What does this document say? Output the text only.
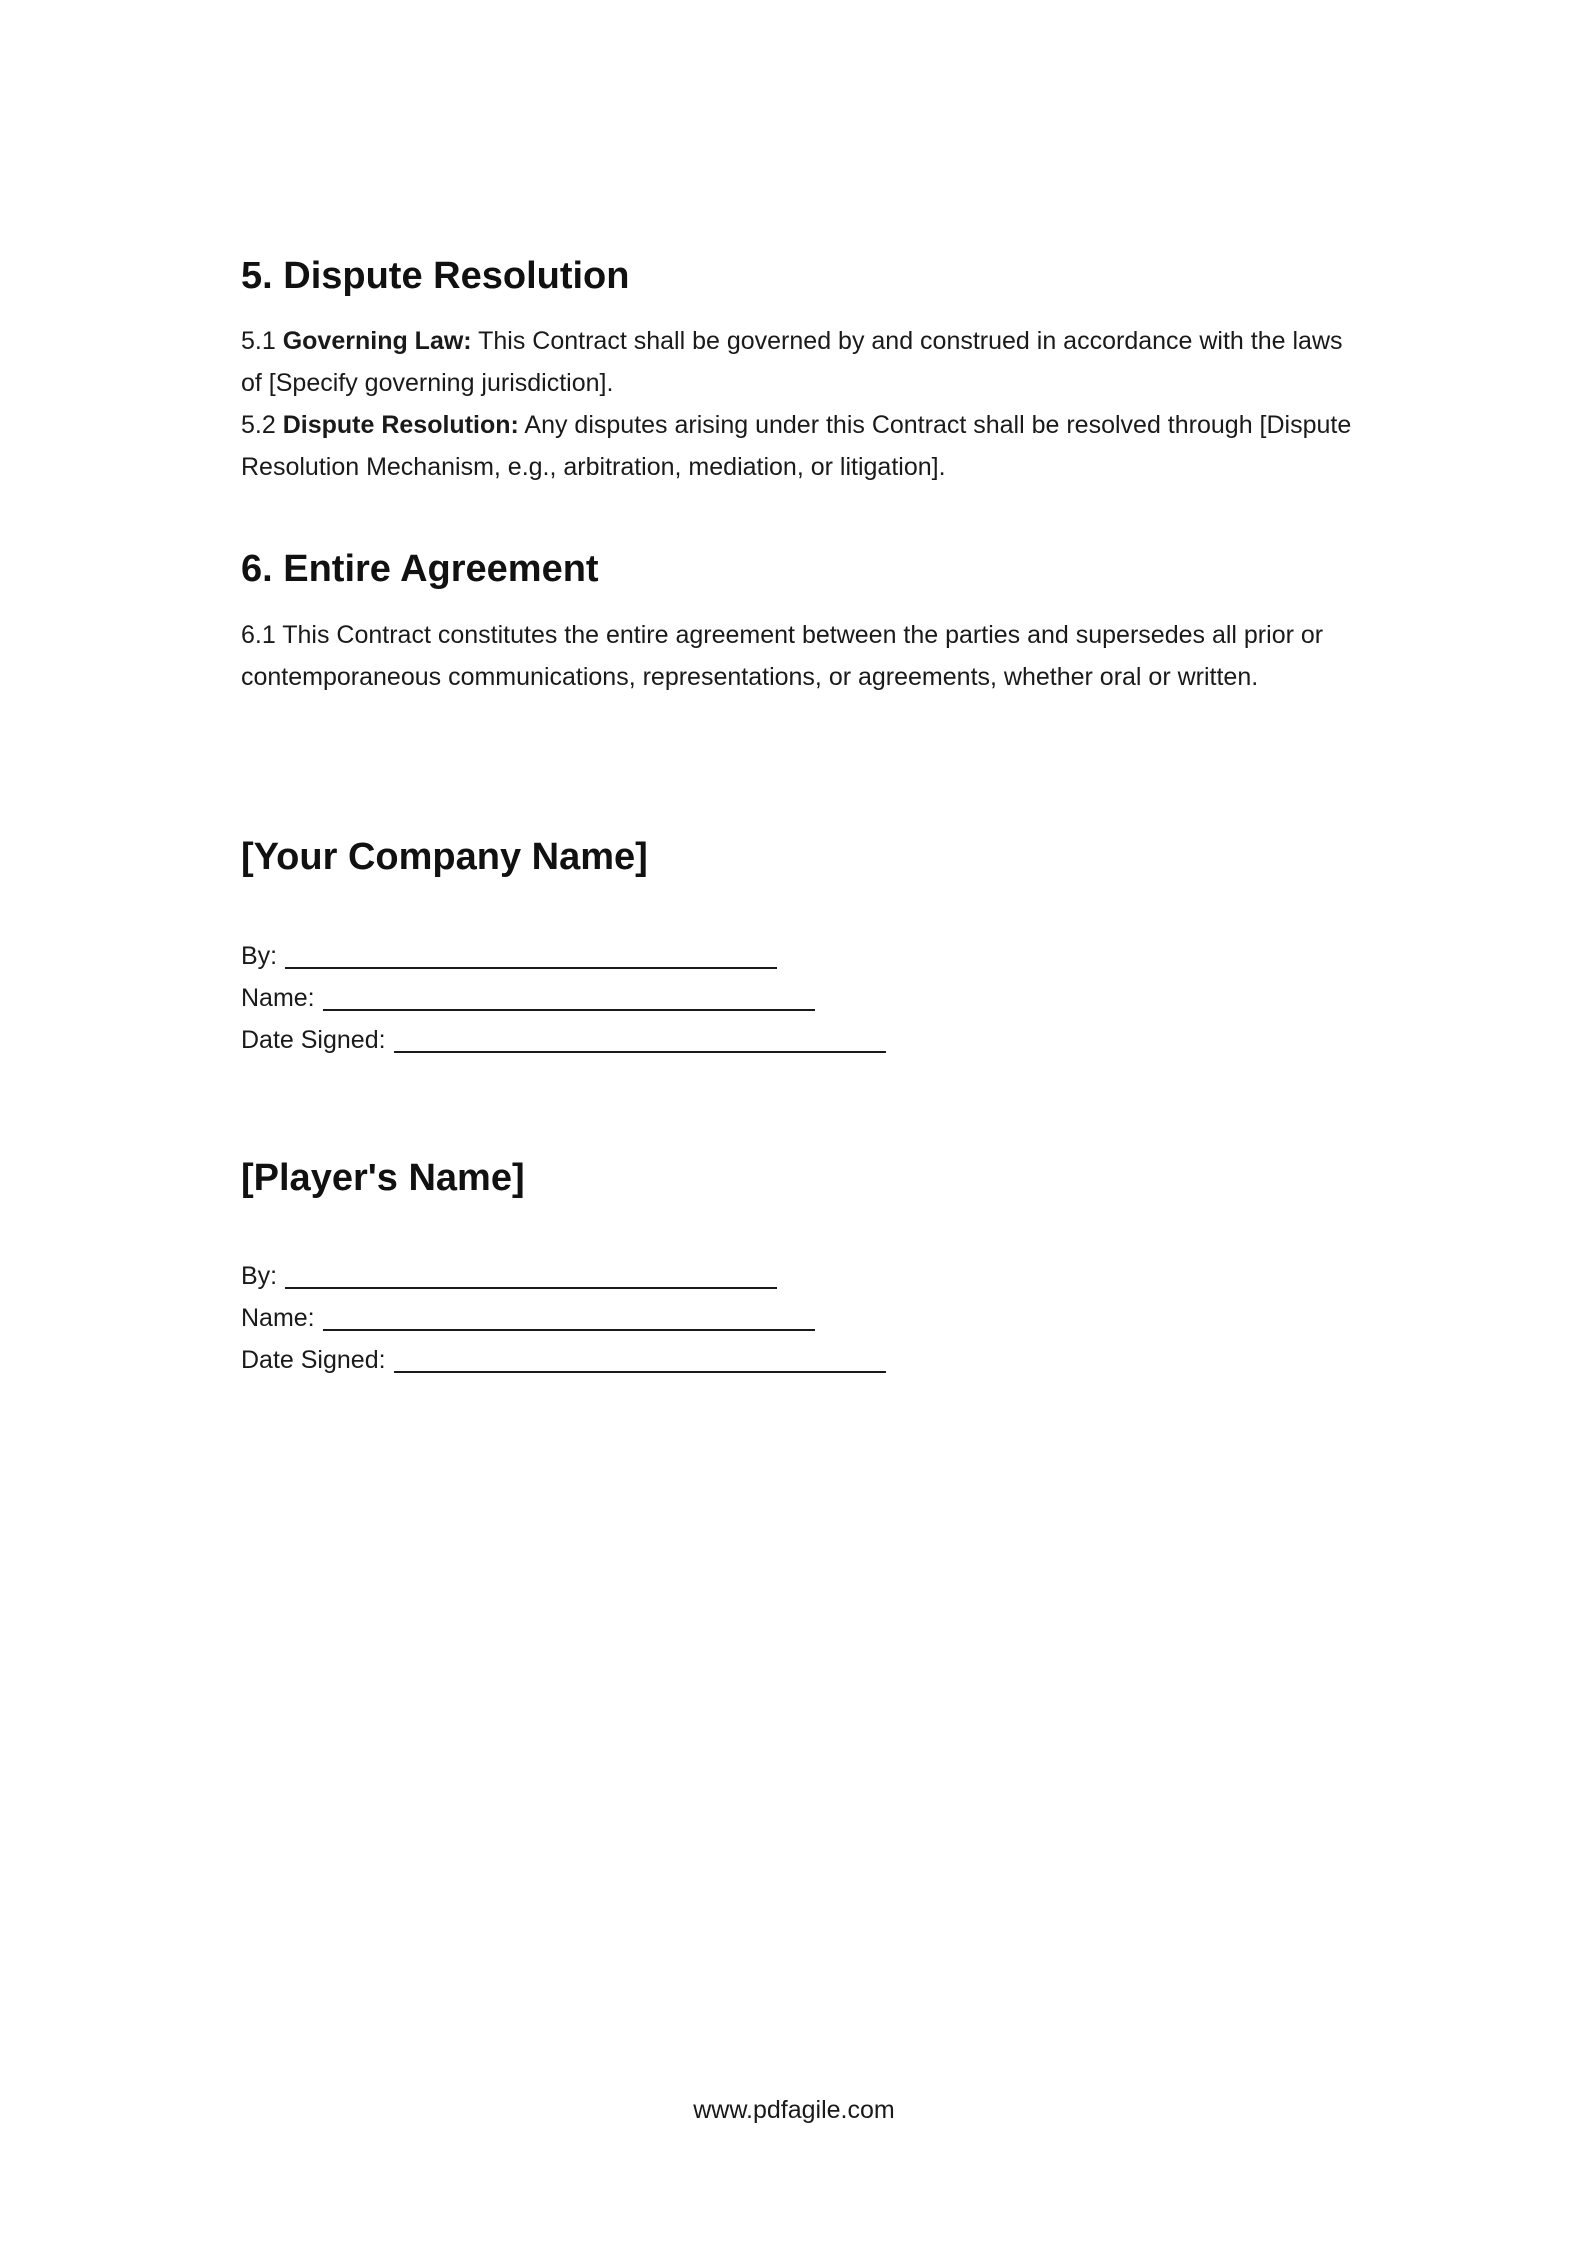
5. Dispute Resolution

5.1 Governing Law: This Contract shall be governed by and construed in accordance with the laws
of [Specify governing jurisdiction].

5.2 Dispute Resolution: Any disputes arising under this Contract shall be resolved through [Dispute
Resolution Mechanism, e.g., arbitration, mediation, or litigation].

6. Entire Agreement

6.1 This Contract constitutes the entire agreement between the parties and supersedes all prior or
contemporaneous communications, representations, or agreements, whether oral or written.

[Your Company Name]
By:
Name:
Date Signed:
[Player's Name]
By:
Name:
Date Signed:
www.pdfagile.com
